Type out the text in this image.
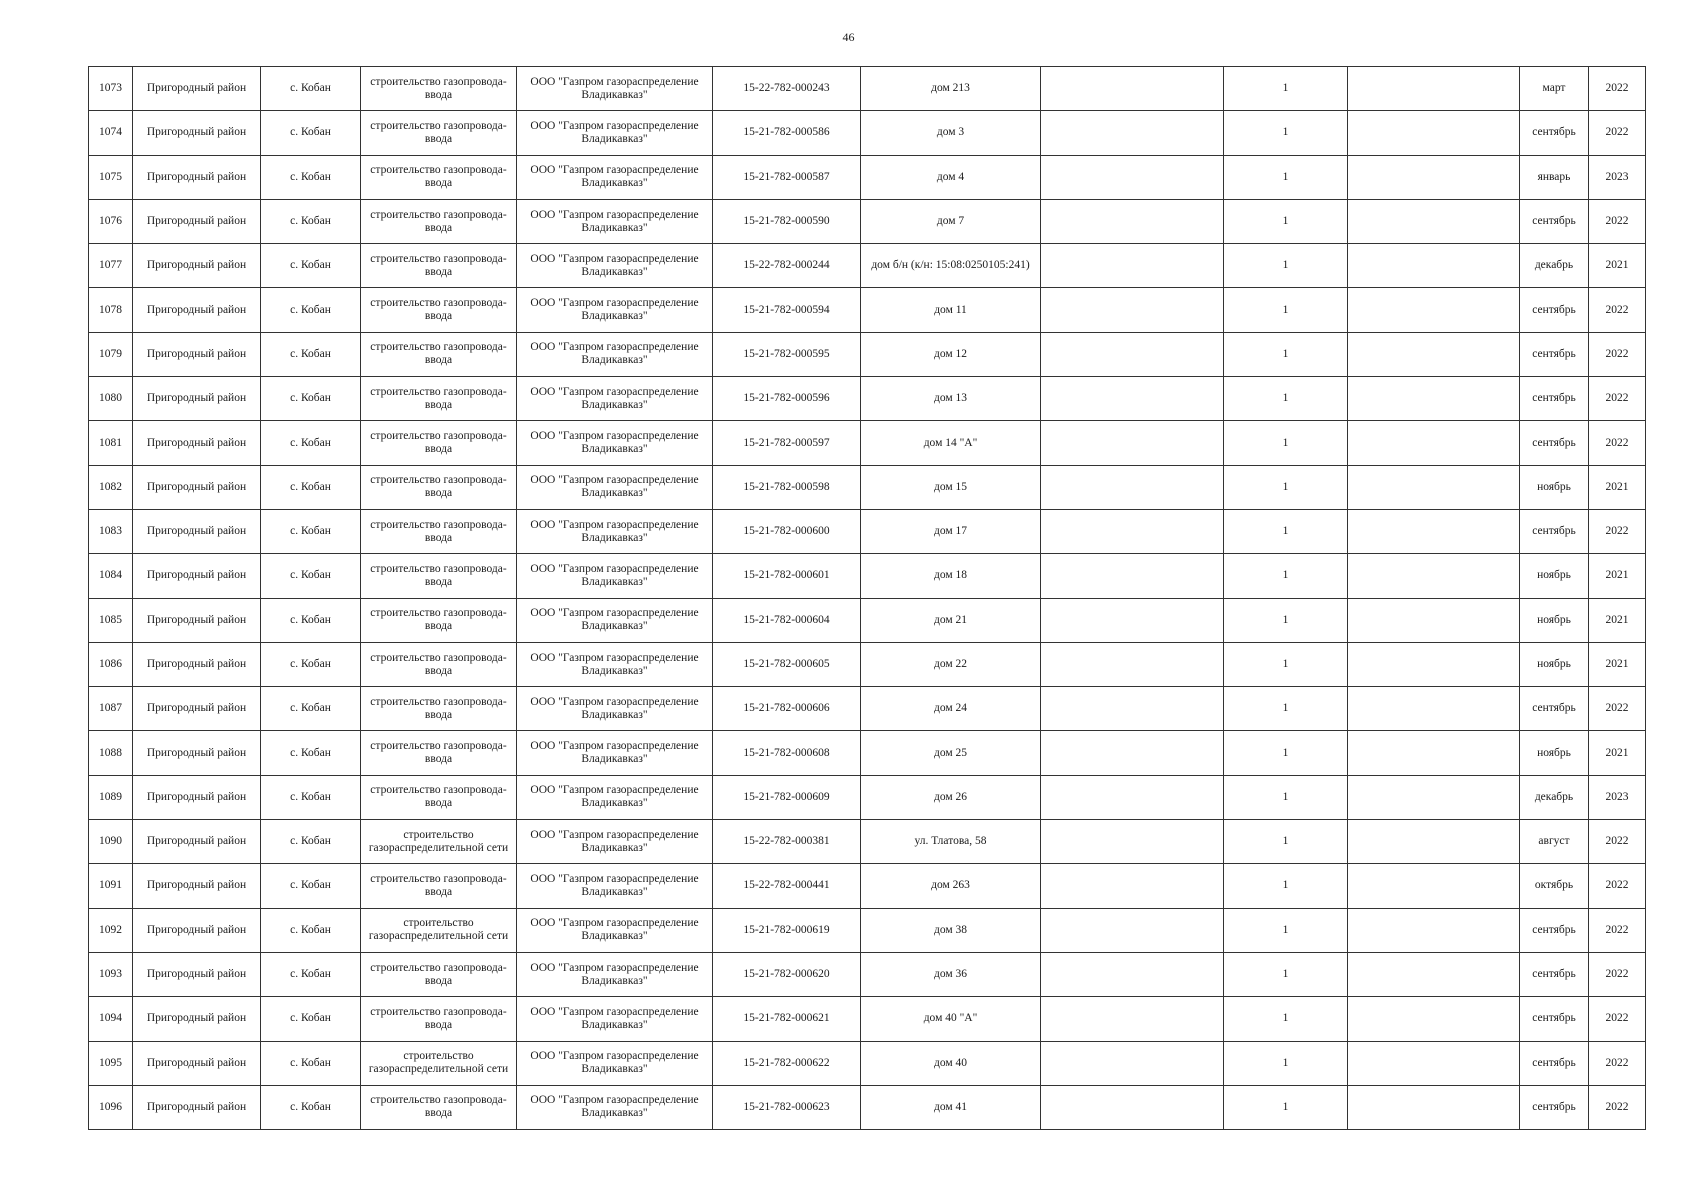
46
1073	Пригородный район	с. Кобан	строительство газопровода-ввода	ООО "Газпром газораспределение Владикавказ"	15-22-782-000243	дом 213		1		март	2022
1074	Пригородный район	с. Кобан	строительство газопровода-ввода	ООО "Газпром газораспределение Владикавказ"	15-21-782-000586	дом 3		1		сентябрь	2022
1075	Пригородный район	с. Кобан	строительство газопровода-ввода	ООО "Газпром газораспределение Владикавказ"	15-21-782-000587	дом 4		1		январь	2023
1076	Пригородный район	с. Кобан	строительство газопровода-ввода	ООО "Газпром газораспределение Владикавказ"	15-21-782-000590	дом 7		1		сентябрь	2022
1077	Пригородный район	с. Кобан	строительство газопровода-ввода	ООО "Газпром газораспределение Владикавказ"	15-22-782-000244	дом б/н (к/н: 15:08:0250105:241)		1		декабрь	2021
1078	Пригородный район	с. Кобан	строительство газопровода-ввода	ООО "Газпром газораспределение Владикавказ"	15-21-782-000594	дом 11		1		сентябрь	2022
1079	Пригородный район	с. Кобан	строительство газопровода-ввода	ООО "Газпром газораспределение Владикавказ"	15-21-782-000595	дом 12		1		сентябрь	2022
1080	Пригородный район	с. Кобан	строительство газопровода-ввода	ООО "Газпром газораспределение Владикавказ"	15-21-782-000596	дом 13		1		сентябрь	2022
1081	Пригородный район	с. Кобан	строительство газопровода-ввода	ООО "Газпром газораспределение Владикавказ"	15-21-782-000597	дом 14 "А"		1		сентябрь	2022
1082	Пригородный район	с. Кобан	строительство газопровода-ввода	ООО "Газпром газораспределение Владикавказ"	15-21-782-000598	дом 15		1		ноябрь	2021
1083	Пригородный район	с. Кобан	строительство газопровода-ввода	ООО "Газпром газораспределение Владикавказ"	15-21-782-000600	дом 17		1		сентябрь	2022
1084	Пригородный район	с. Кобан	строительство газопровода-ввода	ООО "Газпром газораспределение Владикавказ"	15-21-782-000601	дом 18		1		ноябрь	2021
1085	Пригородный район	с. Кобан	строительство газопровода-ввода	ООО "Газпром газораспределение Владикавказ"	15-21-782-000604	дом 21		1		ноябрь	2021
1086	Пригородный район	с. Кобан	строительство газопровода-ввода	ООО "Газпром газораспределение Владикавказ"	15-21-782-000605	дом 22		1		ноябрь	2021
1087	Пригородный район	с. Кобан	строительство газопровода-ввода	ООО "Газпром газораспределение Владикавказ"	15-21-782-000606	дом 24		1		сентябрь	2022
1088	Пригородный район	с. Кобан	строительство газопровода-ввода	ООО "Газпром газораспределение Владикавказ"	15-21-782-000608	дом 25		1		ноябрь	2021
1089	Пригородный район	с. Кобан	строительство газопровода-ввода	ООО "Газпром газораспределение Владикавказ"	15-21-782-000609	дом 26		1		декабрь	2023
1090	Пригородный район	с. Кобан	строительство газораспределительной сети	ООО "Газпром газораспределение Владикавказ"	15-22-782-000381	ул. Тлатова, 58		1		август	2022
1091	Пригородный район	с. Кобан	строительство газопровода-ввода	ООО "Газпром газораспределение Владикавказ"	15-22-782-000441	дом 263		1		октябрь	2022
1092	Пригородный район	с. Кобан	строительство газораспределительной сети	ООО "Газпром газораспределение Владикавказ"	15-21-782-000619	дом 38		1		сентябрь	2022
1093	Пригородный район	с. Кобан	строительство газопровода-ввода	ООО "Газпром газораспределение Владикавказ"	15-21-782-000620	дом 36		1		сентябрь	2022
1094	Пригородный район	с. Кобан	строительство газопровода-ввода	ООО "Газпром газораспределение Владикавказ"	15-21-782-000621	дом 40 "А"		1		сентябрь	2022
1095	Пригородный район	с. Кобан	строительство газораспределительной сети	ООО "Газпром газораспределение Владикавказ"	15-21-782-000622	дом 40		1		сентябрь	2022
1096	Пригородный район	с. Кобан	строительство газопровода-ввода	ООО "Газпром газораспределение Владикавказ"	15-21-782-000623	дом 41		1		сентябрь	2022
